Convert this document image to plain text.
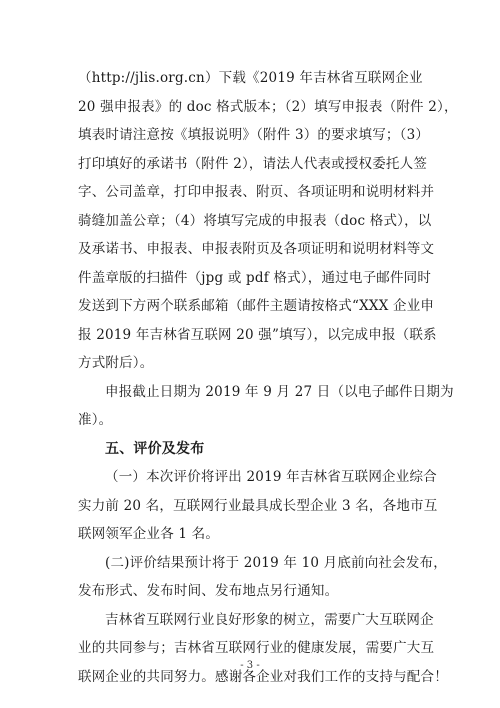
（http://jlis.org.cn）下载《2019 年吉林省互联网企业
20 强申报表》的 doc 格式版本；（2）填写申报表（附件 2），
填表时请注意按《填报说明》（附件 3）的要求填写；（3）
打印填好的承诺书（附件 2），请法人代表或授权委托人签
字、公司盖章，打印申报表、附页、各项证明和说明材料并
骑缝加盖公章；（4）将填写完成的申报表（doc 格式），以
及承诺书、申报表、申报表附页及各项证明和说明材料等文
件盖章版的扫描件（jpg 或 pdf 格式），通过电子邮件同时
发送到下方两个联系邮箱（邮件主题请按格式“XXX 企业申
报 2019 年吉林省互联网 20 强”填写），以完成申报（联系
方式附后）。
申报截止日期为 2019 年 9 月 27 日（以电子邮件日期为
准）。
五、评价及发布
（一）本次评价将评出 2019 年吉林省互联网企业综合
实力前 20 名，互联网行业最具成长型企业 3 名，各地市互
联网领军企业各 1 名。
(二)评价结果预计将于 2019 年 10 月底前向社会发布，
发布形式、发布时间、发布地点另行通知。
吉林省互联网行业良好形象的树立，需要广大互联网企
业的共同参与；吉林省互联网行业的健康发展，需要广大互
联网企业的共同努力。感谢各企业对我们工作的支持与配合！
- 3 -
